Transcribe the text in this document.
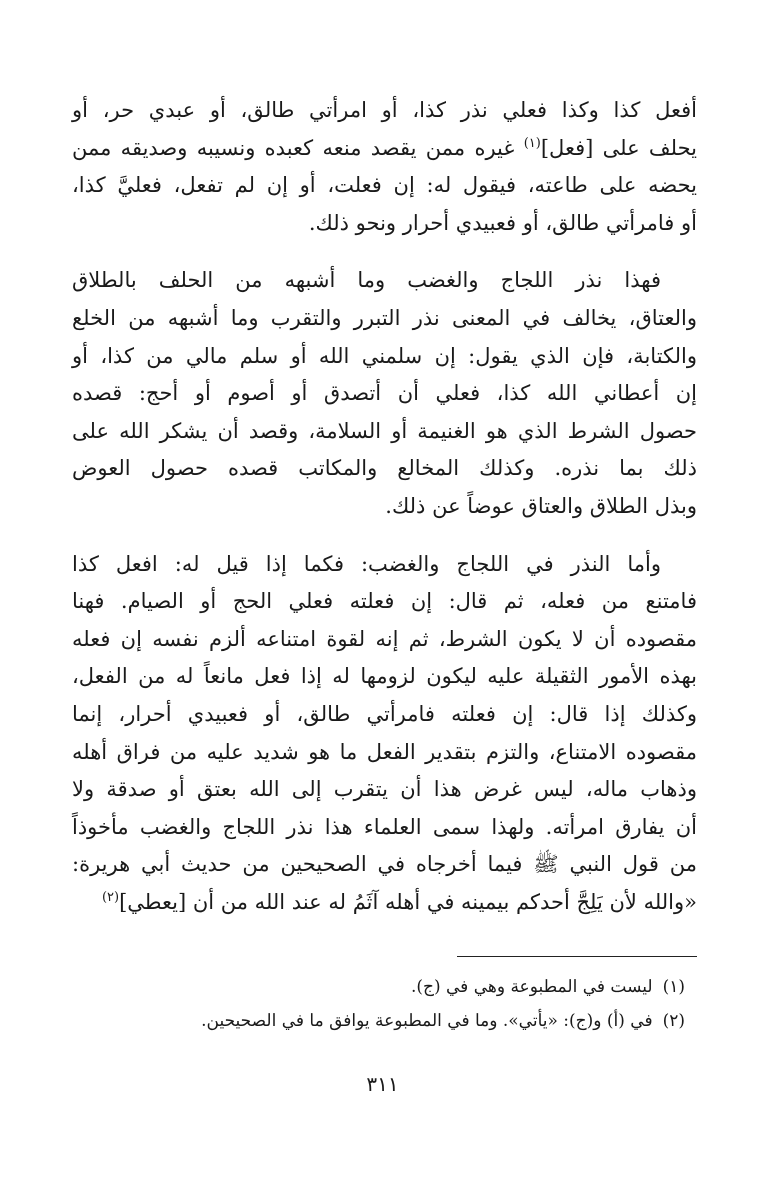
أفعل كذا وكذا فعلي نذر كذا، أو امرأتي طالق، أو عبدي حر، أو

يحلف على [فعل]$^{(١)}$ غيره ممن يقصد منعه كعبده ونسيبه وصديقه ممن

يحضه على طاعته، فيقول له: إن فعلت، أو إن لم تفعل، فعليَّ كذا،

أو فامرأتي طالق، أو فعبيدي أحرار ونحو ذلك.

فهذا نذر اللجاج والغضب وما أشبهه من الحلف بالطلاق

والعتاق، يخالف في المعنى نذر التبرر والتقرب وما أشبهه من الخلع

والكتابة، فإن الذي يقول: إن سلمني الله أو سلم مالي من كذا، أو

إن أعطاني الله كذا، فعلي أن أتصدق أو أصوم أو أحج: قصده

حصول الشرط الذي هو الغنيمة أو السلامة، وقصد أن يشكر الله على

ذلك بما نذره. وكذلك المخالع والمكاتب قصده حصول العوض

وبذل الطلاق والعتاق عوضاً عن ذلك.

وأما النذر في اللجاج والغضب: فكما إذا قيل له: افعل كذا

فامتنع من فعله، ثم قال: إن فعلته فعلي الحج أو الصيام. فهنا

مقصوده أن لا يكون الشرط، ثم إنه لقوة امتناعه ألزم نفسه إن فعله

بهذه الأمور الثقيلة عليه ليكون لزومها له إذا فعل مانعاً له من الفعل،

وكذلك إذا قال: إن فعلته فامرأتي طالق، أو فعبيدي أحرار، إنما

مقصوده الامتناع، والتزم بتقدير الفعل ما هو شديد عليه من فراق أهله

وذهاب ماله، ليس غرض هذا أن يتقرب إلى الله بعتق أو صدقة ولا

أن يفارق امرأته. ولهذا سمى العلماء هذا نذر اللجاج والغضب مأخوذاً

من قول النبي ﷺ فيما أخرجاه في الصحيحين من حديث أبي هريرة:

«والله لأن يَلِجَّ أحدكم بيمينه في أهله آثَمُ له عند الله من أن [يعطي]$^{(٢)}$

(١)ليست في المطبوعة وهي في (ج).
(٢)في (أ) و(ج): «يأتي». وما في المطبوعة يوافق ما في الصحيحين.
٣١١
